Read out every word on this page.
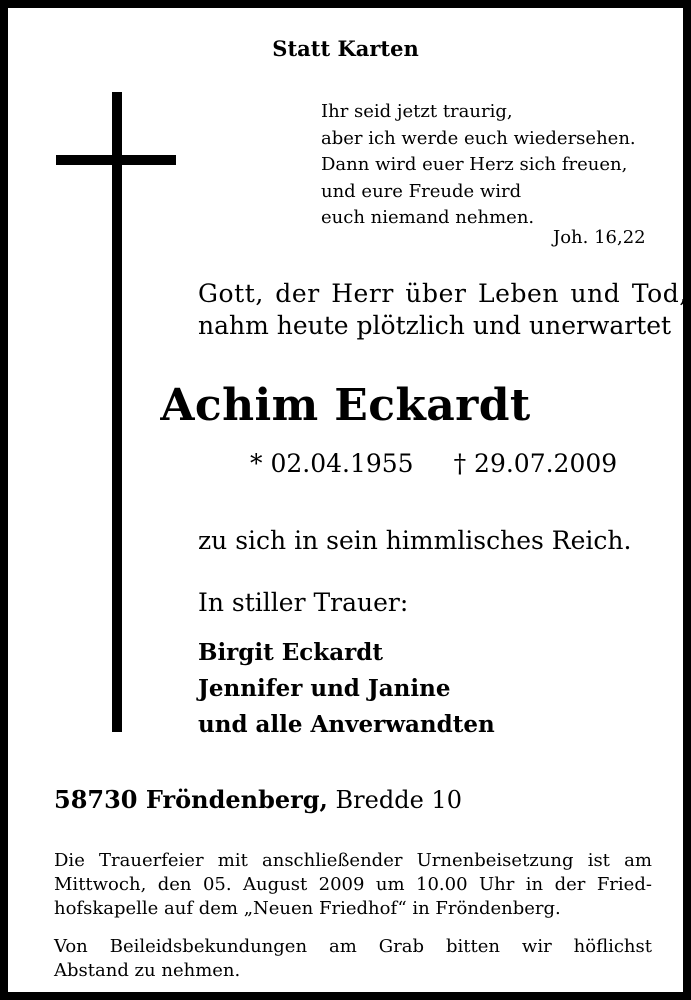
Statt Karten
Ihr seid jetzt traurig,
aber ich werde euch wiedersehen.
Dann wird euer Herz sich freuen,
und eure Freude wird
euch niemand nehmen.
Joh. 16,22
Gott, der Herr über Leben und Tod,
nahm heute plötzlich und unerwartet
Achim Eckardt
* 02.04.1955 † 29.07.2009
zu sich in sein himmlisches Reich.
In stiller Trauer:
Birgit Eckardt
Jennifer und Janine
und alle Anverwandten
58730 Fröndenberg, Bredde 10
Die Trauerfeier mit anschließender Urnenbeisetzung ist am
Mittwoch, den 05. August 2009 um 10.00 Uhr in der Fried-
hofskapelle auf dem „Neuen Friedhof“ in Fröndenberg.
Von Beileidsbekundungen am Grab bitten wir höflichst
Abstand zu nehmen.
